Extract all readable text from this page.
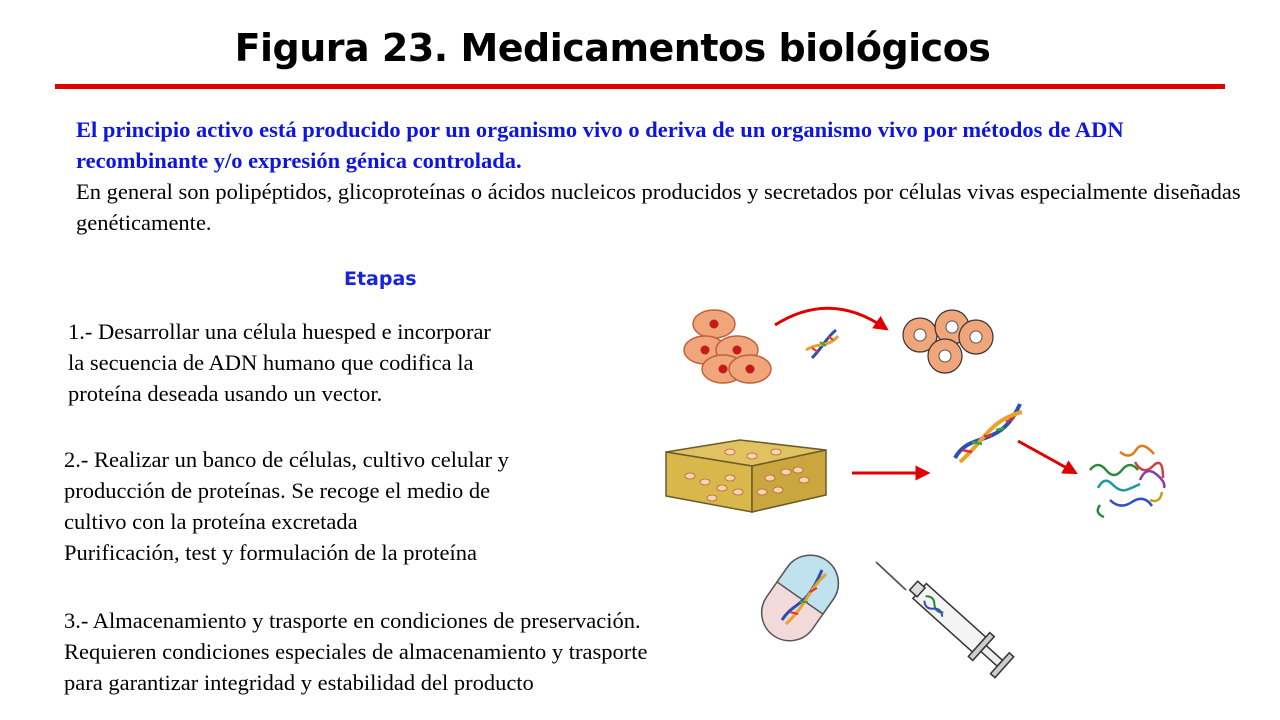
Figura 23. Medicamentos biológicos
El principio activo está producido por un organismo vivo o deriva de un organismo vivo por métodos de ADN recombinante y/o expresión génica controlada.
En general son polipéptidos, glicoproteínas o ácidos nucleicos producidos y secretados por células vivas especialmente diseñadas genéticamente.
Etapas
1.- Desarrollar una célula huesped e incorporar
la secuencia de ADN humano que codifica la
proteína deseada usando un vector.
2.- Realizar un banco de células, cultivo celular y
producción de proteínas. Se recoge el medio de
cultivo con la proteína excretada
Purificación, test y formulación de la proteína
3.- Almacenamiento y trasporte en condiciones de preservación.
Requieren condiciones especiales de almacenamiento y trasporte
para garantizar integridad y estabilidad del producto
